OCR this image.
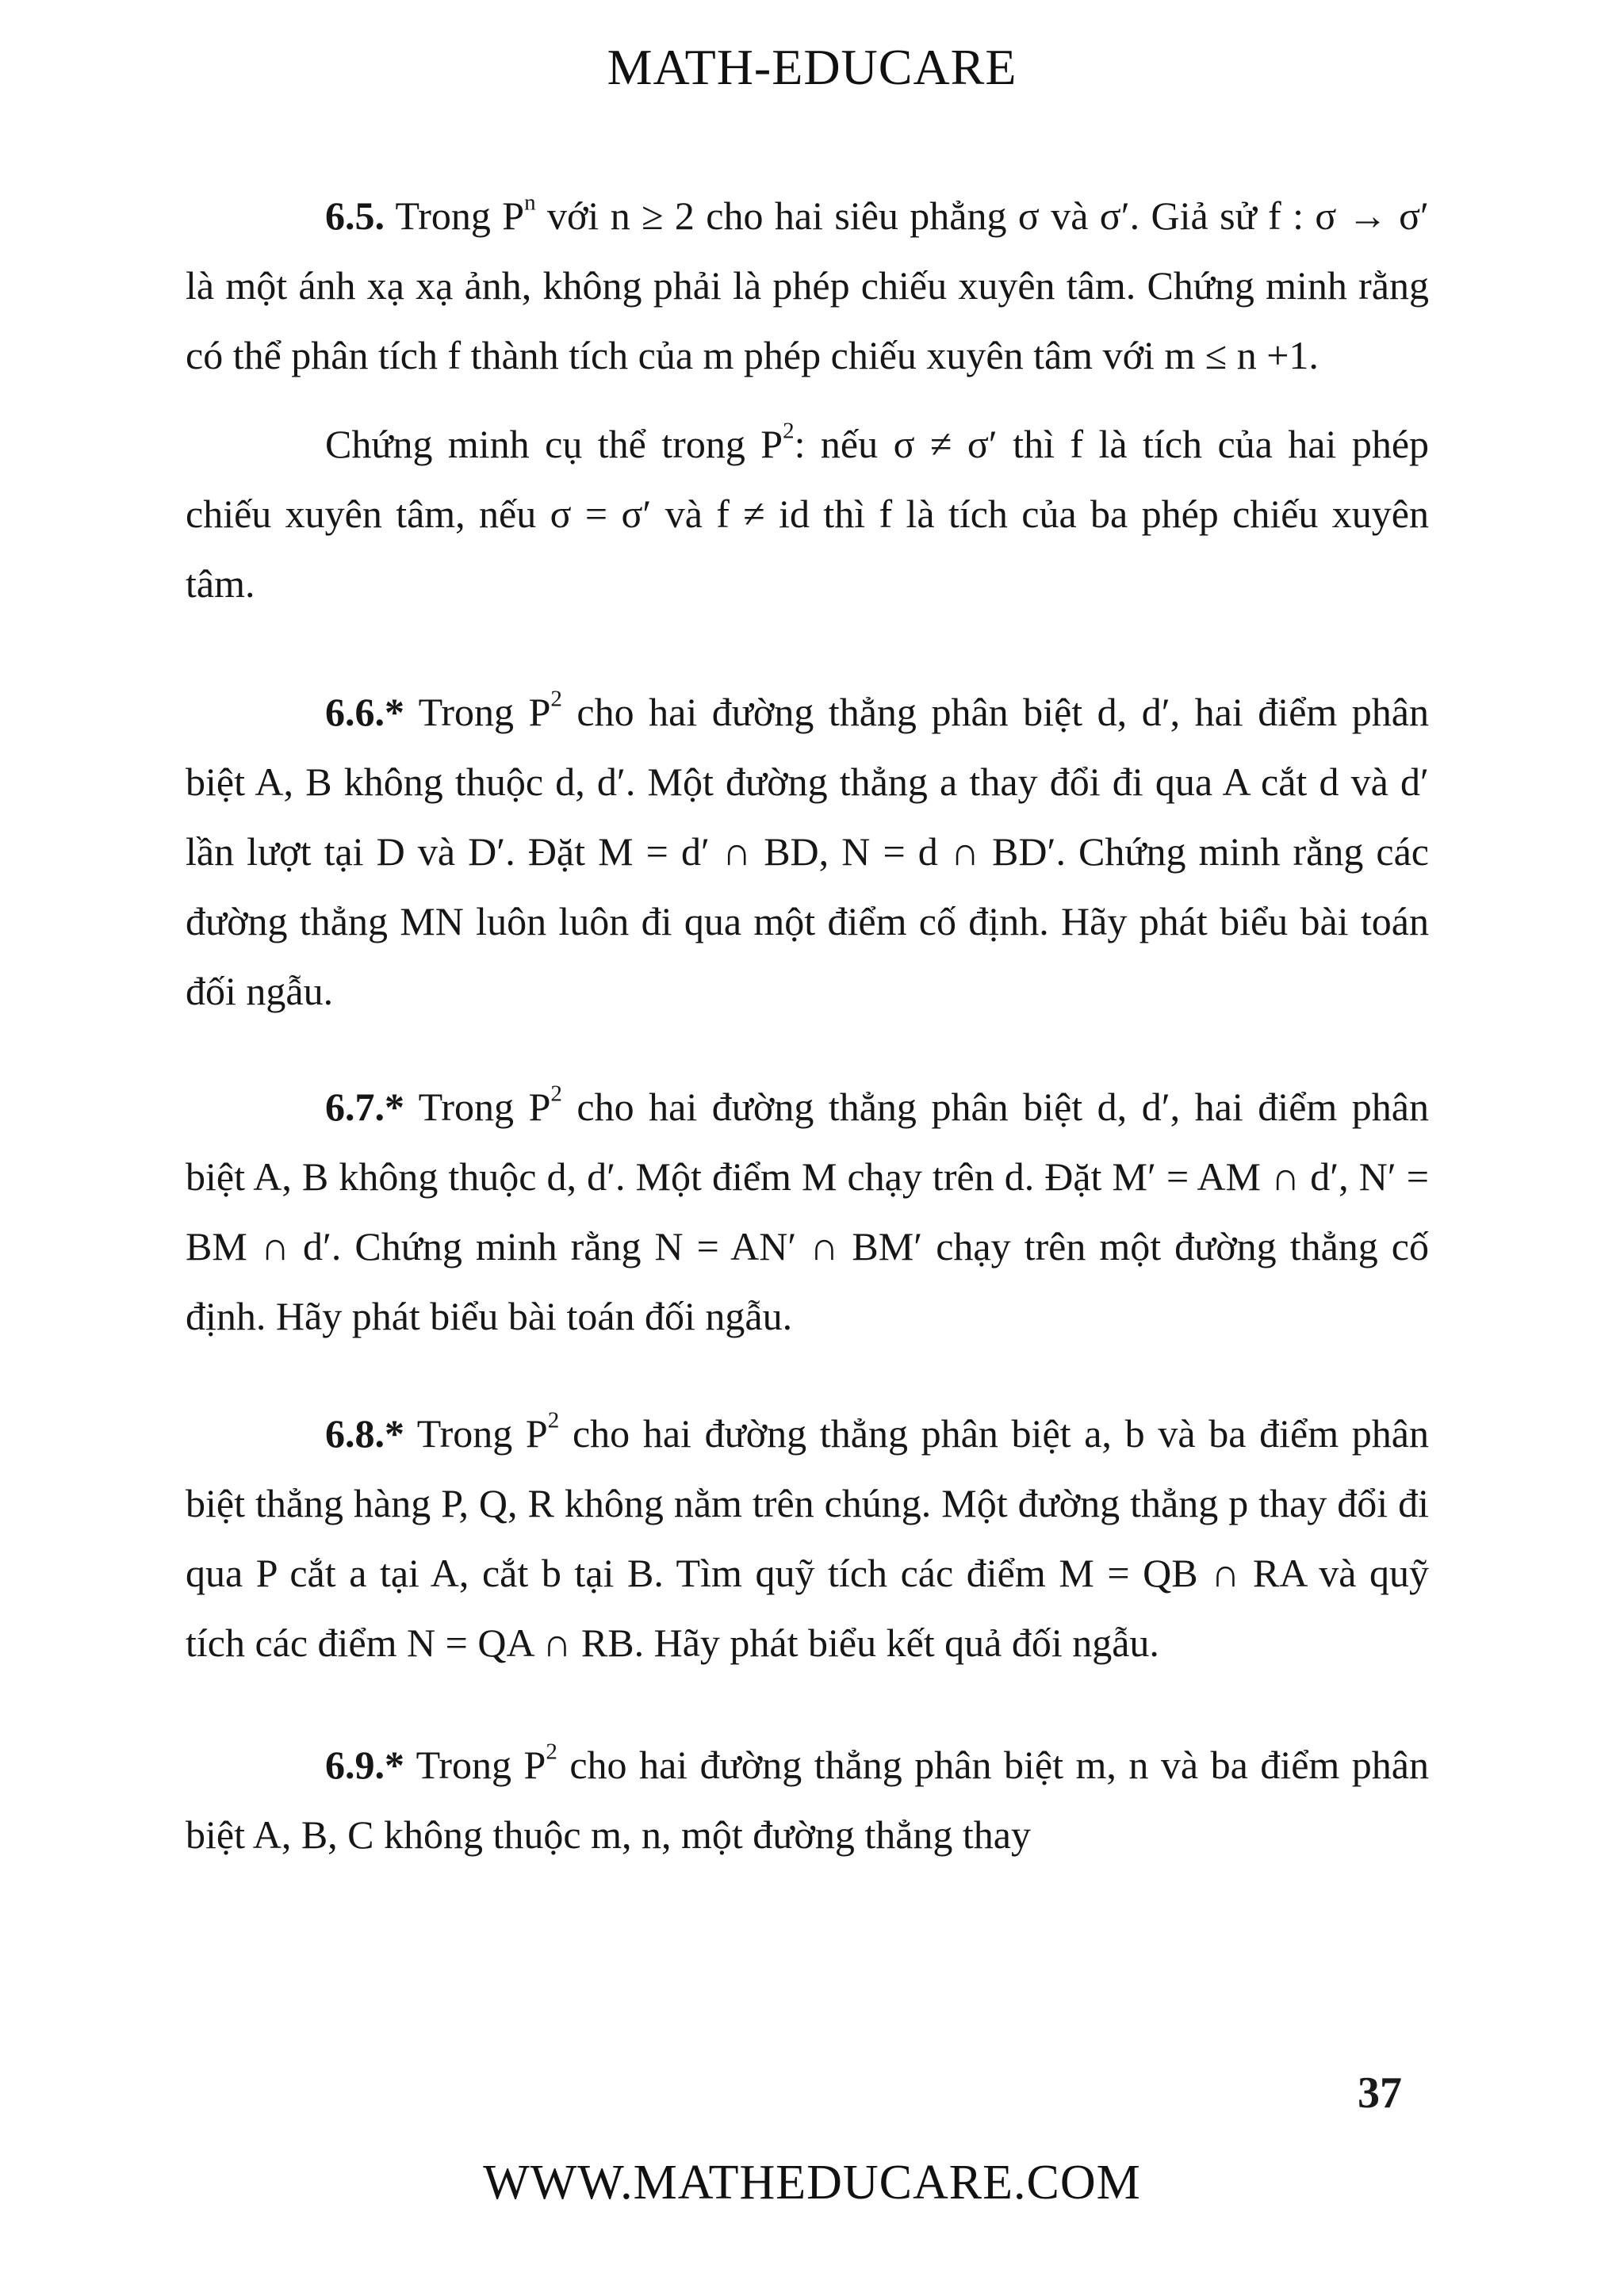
MATH-EDUCARE

6.5. Trong $P^n$ với n ≥ 2 cho hai siêu phẳng σ và σ′. Giả sử f : σ → σ′ là một ánh xạ xạ ảnh, không phải là phép chiếu xuyên tâm. Chứng minh rằng có thể phân tích f thành tích của m phép chiếu xuyên tâm với m ≤ n +1.

Chứng minh cụ thể trong $P^2$: nếu σ ≠ σ′ thì f là tích của hai phép chiếu xuyên tâm, nếu σ = σ′ và f ≠ id thì f là tích của ba phép chiếu xuyên tâm.

6.6.* Trong $P^2$ cho hai đường thẳng phân biệt d, d′, hai điểm phân biệt A, B không thuộc d, d′. Một đường thẳng a thay đổi đi qua A cắt d và d′ lần lượt tại D và D′. Đặt M = d′ ∩ BD, N = d ∩ BD′. Chứng minh rằng các đường thẳng MN luôn luôn đi qua một điểm cố định. Hãy phát biểu bài toán đối ngẫu.

6.7.* Trong $P^2$ cho hai đường thẳng phân biệt d, d′, hai điểm phân biệt A, B không thuộc d, d′. Một điểm M chạy trên d. Đặt M′ = AM ∩ d′, N′ = BM ∩ d′. Chứng minh rằng N = AN′ ∩ BM′ chạy trên một đường thẳng cố định. Hãy phát biểu bài toán đối ngẫu.

6.8.* Trong $P^2$ cho hai đường thẳng phân biệt a, b và ba điểm phân biệt thẳng hàng P, Q, R không nằm trên chúng. Một đường thẳng p thay đổi đi qua P cắt a tại A, cắt b tại B. Tìm quỹ tích các điểm M = QB ∩ RA và quỹ tích các điểm N = QA ∩ RB. Hãy phát biểu kết quả đối ngẫu.

6.9.* Trong $P^2$ cho hai đường thẳng phân biệt m, n và ba điểm phân biệt A, B, C không thuộc m, n, một đường thẳng thay

37
WWW.MATHEDUCARE.COM
